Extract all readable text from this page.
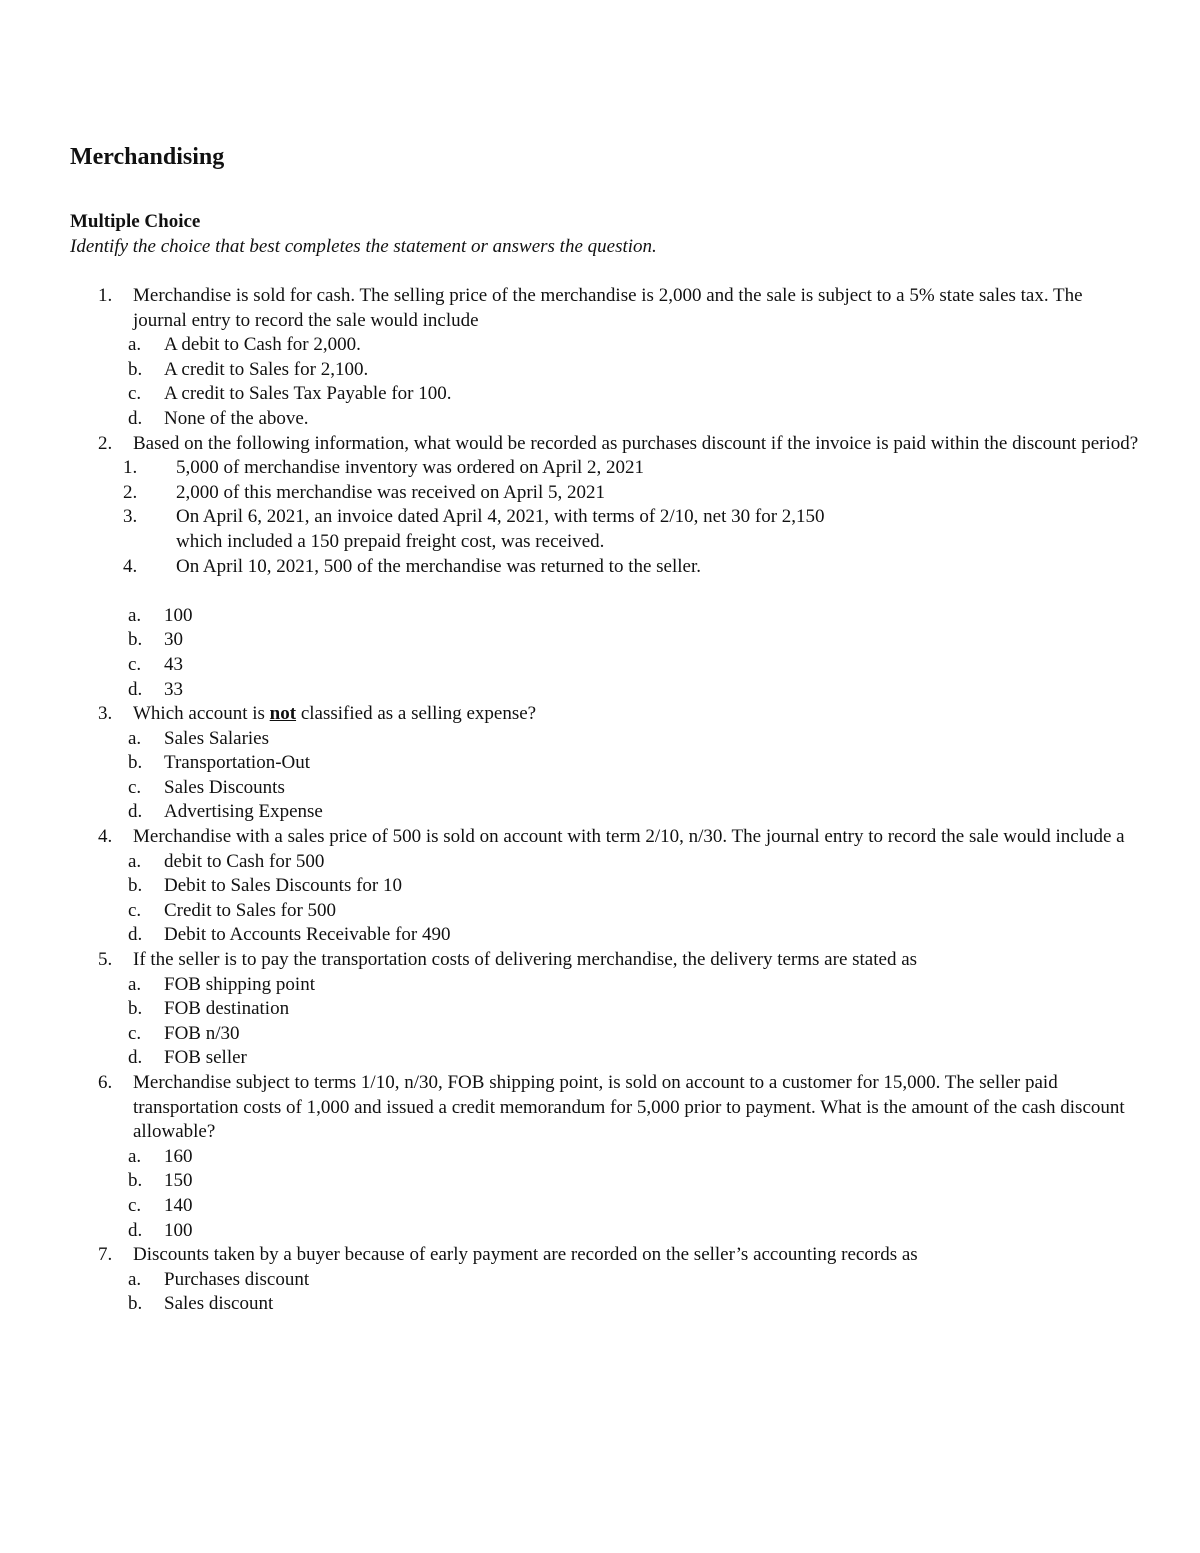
Merchandising
Multiple Choice
Identify the choice that best completes the statement or answers the question.
1. Merchandise is sold for cash. The selling price of the merchandise is 2,000 and the sale is subject to a 5% state sales tax. The journal entry to record the sale would include
a. A debit to Cash for 2,000.
b. A credit to Sales for 2,100.
c. A credit to Sales Tax Payable for 100.
d. None of the above.
2. Based on the following information, what would be recorded as purchases discount if the invoice is paid within the discount period?
1. 5,000 of merchandise inventory was ordered on April 2, 2021
2. 2,000 of this merchandise was received on April 5, 2021
3. On April 6, 2021, an invoice dated April 4, 2021, with terms of 2/10, net 30 for 2,150
which included a 150 prepaid freight cost, was received.
4. On April 10, 2021, 500 of the merchandise was returned to the seller.
a. 100
b. 30
c. 43
d. 33
3. Which account is not classified as a selling expense?
a. Sales Salaries
b. Transportation-Out
c. Sales Discounts
d. Advertising Expense
4. Merchandise with a sales price of 500 is sold on account with term 2/10, n/30. The journal entry to record the sale would include a
a. debit to Cash for 500
b. Debit to Sales Discounts for 10
c. Credit to Sales for 500
d. Debit to Accounts Receivable for 490
5. If the seller is to pay the transportation costs of delivering merchandise, the delivery terms are stated as
a. FOB shipping point
b. FOB destination
c. FOB n/30
d. FOB seller
6. Merchandise subject to terms 1/10, n/30, FOB shipping point, is sold on account to a customer for 15,000. The seller paid transportation costs of 1,000 and issued a credit memorandum for 5,000 prior to payment. What is the amount of the cash discount allowable?
a. 160
b. 150
c. 140
d. 100
7. Discounts taken by a buyer because of early payment are recorded on the seller’s accounting records as
a. Purchases discount
b. Sales discount
